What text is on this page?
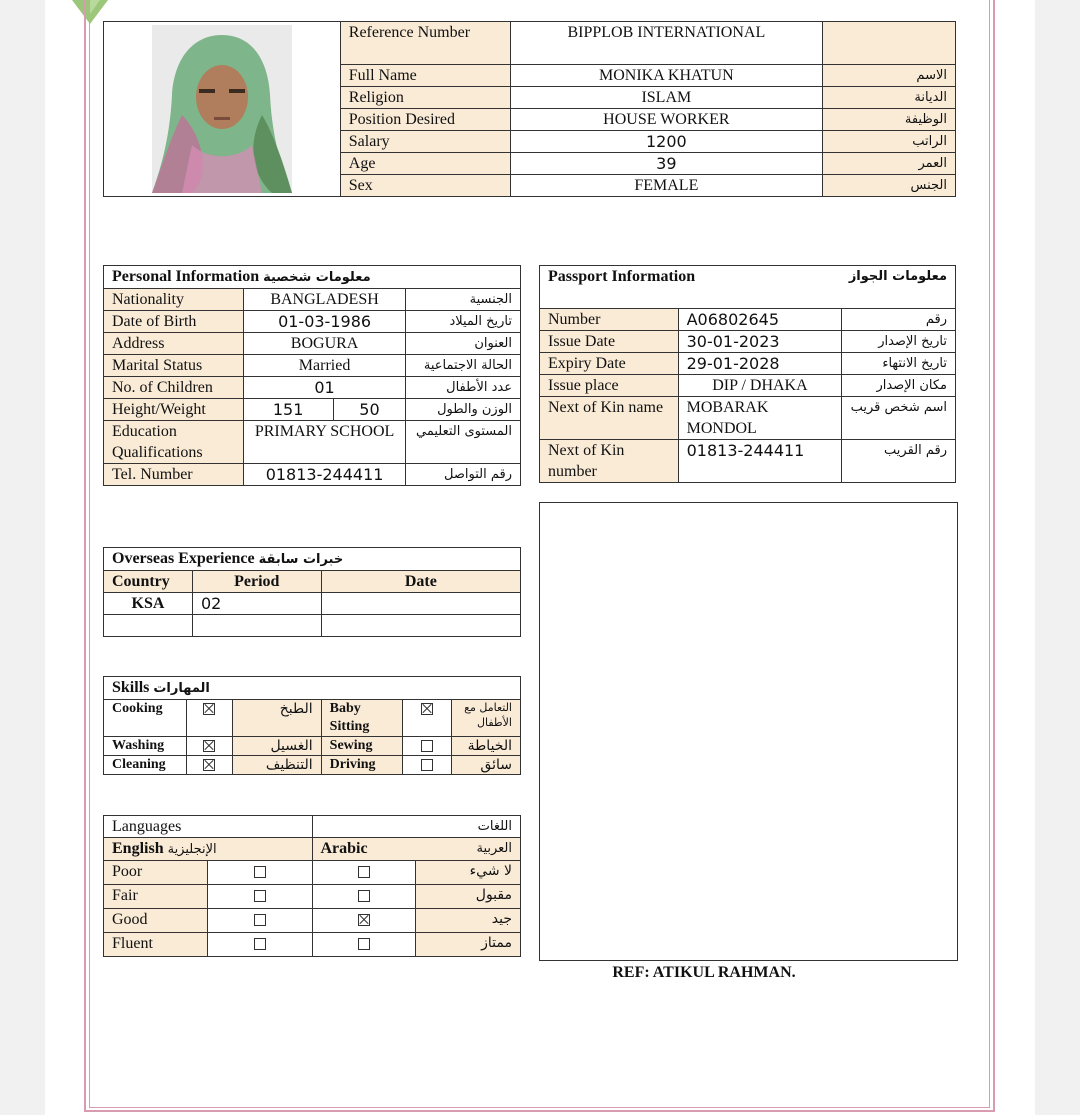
	Reference Number	BIPPLOB INTERNATIONAL	
	Full Name	MONIKA KHATUN	الاسم
	Religion	ISLAM	الديانة
	Position Desired	HOUSE WORKER	الوظيفة
	Salary	1200	الراتب
	Age	39	العمر
	Sex	FEMALE	الجنس
Personal Information معلومات شخصية			
Nationality	BANGLADESH		الجنسية
Date of Birth	01-03-1986		تاريخ الميلاد
Address	BOGURA		العنوان
Marital Status	Married		الحالة الاجتماعية
No. of Children	01		عدد الأطفال
Height/Weight	151	50	الوزن والطول
Education Qualifications	PRIMARY SCHOOL		المستوى التعليمي
Tel. Number	01813-244411		رقم التواصل
Passport Information معلومات الجواز		

Number	A06802645	رقم
Issue Date	30-01-2023	تاريخ الإصدار
Expiry Date	29-01-2028	تاريخ الانتهاء
Issue place	DIP / DHAKA	مكان الإصدار
Next of Kin name	MOBARAK MONDOL	اسم شخص قريب
Next of Kin number	01813-244411	رقم القريب
Overseas Experience خبرات سابقة		
Country	Period	Date
KSA	02	

Skills المهارات					
Cooking		الطبخ	Baby Sitting		التعامل مع الأطفال
Washing		الغسيل	Sewing		الخياطة
Cleaning		التنظيف	Driving		سائق
Languages		اللغات	
English الإنجليزية		Arabic العربية	

Poor			لا شيء
Fair			مقبول
Good			جيد
Fluent			ممتاز
REF: ATIKUL RAHMAN.
